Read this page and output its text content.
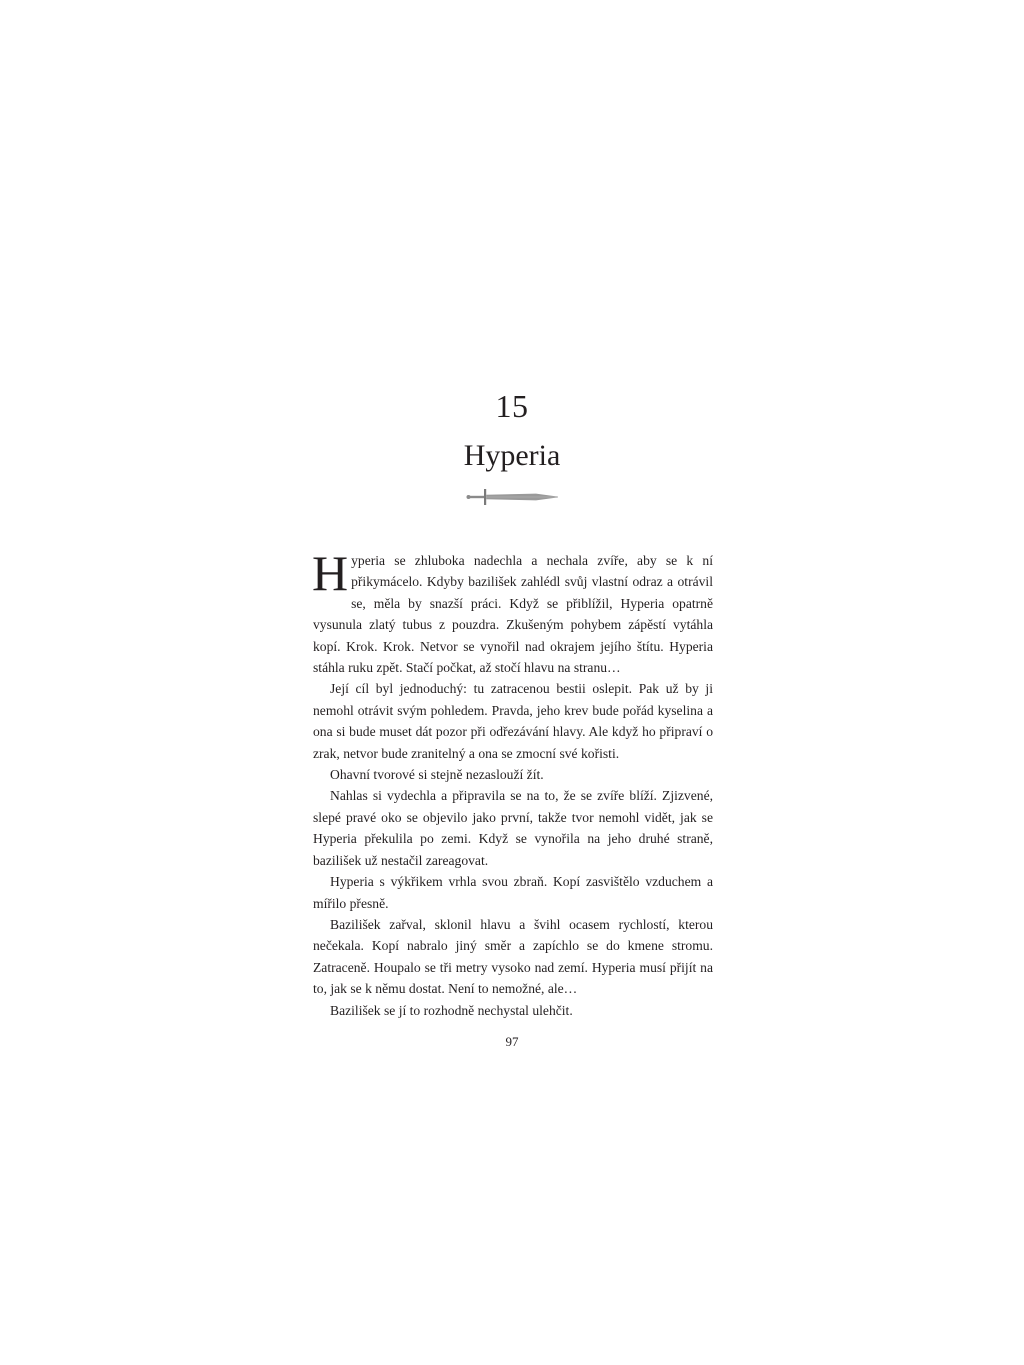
15
Hyperia

Hyperia se zhluboka nadechla a nechala zvíře, aby se k ní přikymácelo. Kdyby bazilišek zahlédl svůj vlastní odraz a otrávil se, měla by snazší práci. Když se přiblížil, Hyperia opatrně vysunula zlatý tubus z pouzdra. Zkušeným pohybem zápěstí vytáhla kopí. Krok. Krok. Netvor se vynořil nad okrajem jejího štítu. Hyperia stáhla ruku zpět. Stačí počkat, až stočí hlavu na stranu…

Její cíl byl jednoduchý: tu zatracenou bestii oslepit. Pak už by ji nemohl otrávit svým pohledem. Pravda, jeho krev bude pořád kyselina a ona si bude muset dát pozor při odřezávání hlavy. Ale když ho připraví o zrak, netvor bude zranitelný a ona se zmocní své kořisti.

Ohavní tvorové si stejně nezaslouží žít.

Nahlas si vydechla a připravila se na to, že se zvíře blíží. Zjizvené, slepé pravé oko se objevilo jako první, takže tvor nemohl vidět, jak se Hyperia překulila po zemi. Když se vynořila na jeho druhé straně, bazilišek už nestačil zareagovat.

Hyperia s výkřikem vrhla svou zbraň. Kopí zasvištělo vzduchem a mířilo přesně.

Bazilišek zařval, sklonil hlavu a švihl ocasem rychlostí, kterou nečekala. Kopí nabralo jiný směr a zapíchlo se do kmene stromu. Zatraceně. Houpalo se tři metry vysoko nad zemí. Hyperia musí přijít na to, jak se k němu dostat. Není to nemožné, ale…

Bazilišek se jí to rozhodně nechystal ulehčit.

97
